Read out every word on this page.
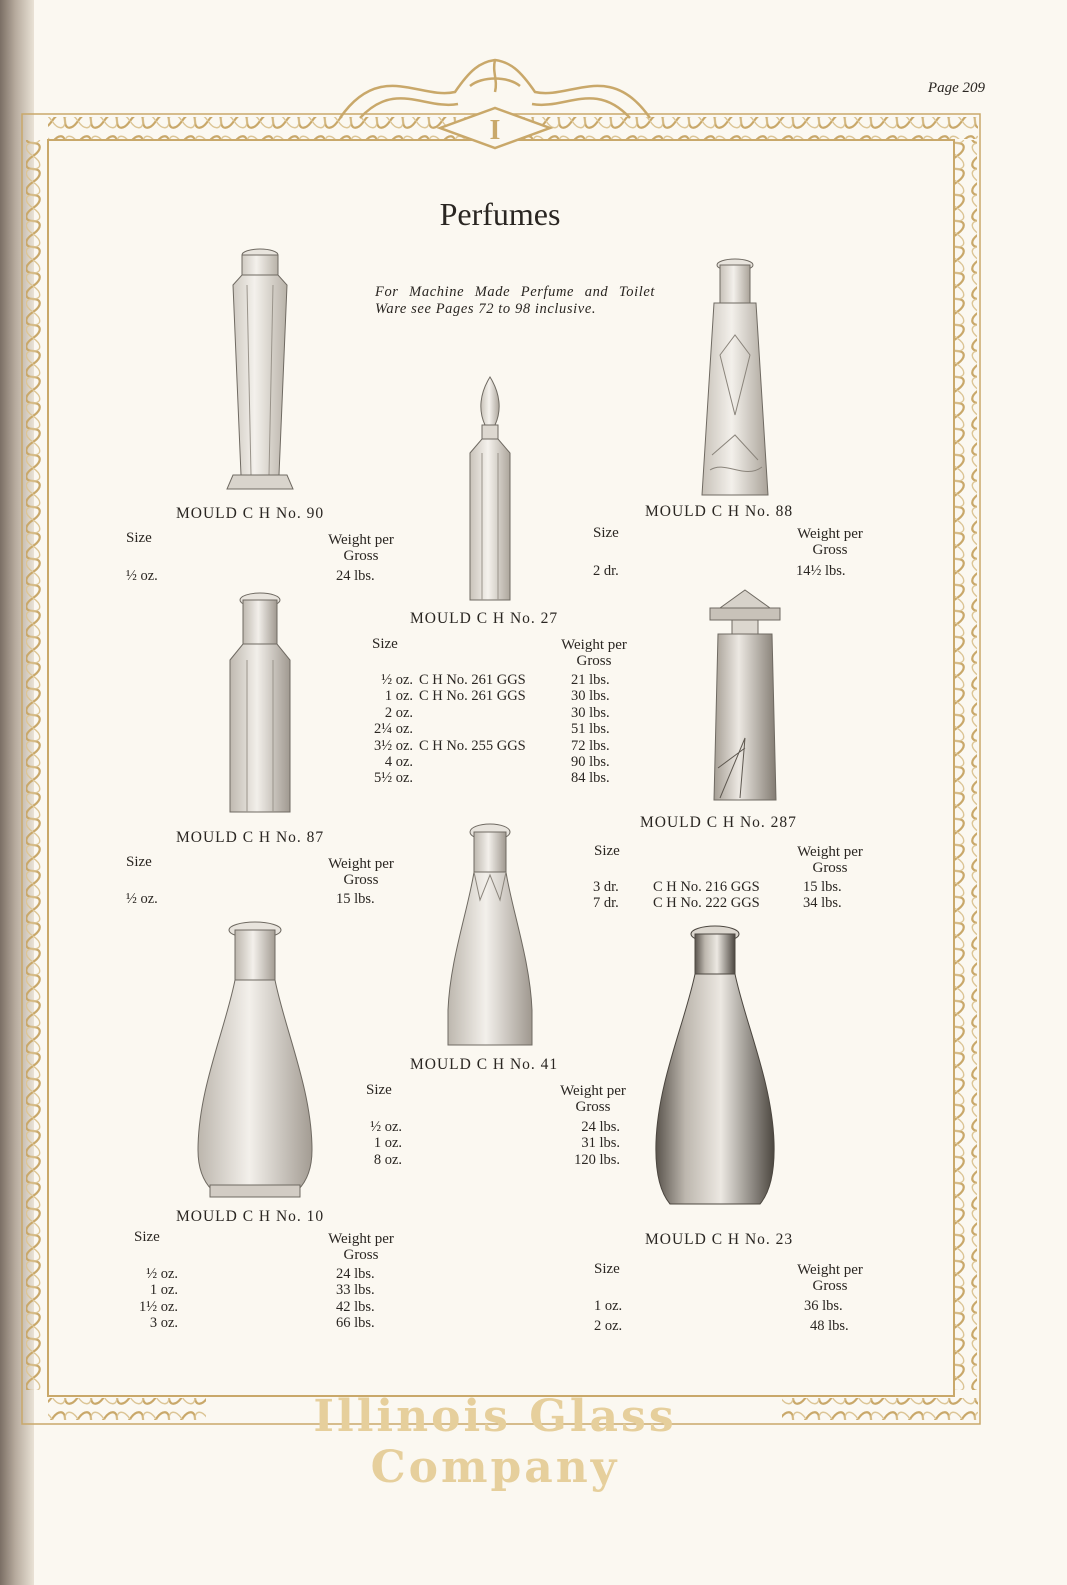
I
Page 209
Perfumes
For Machine Made Perfume and Toilet Ware see Pages 72 to 98 inclusive.
MOULD C H No. 90
Size	Weight per Gross
½ oz.	24 lbs.
MOULD C H No. 88
Size	Weight per Gross
2 dr.	14½ lbs.
MOULD C H No. 27
Size	Weight per Gross
½ oz. C H No. 261 GGS	21 lbs.
1 oz. C H No. 261 GGS	30 lbs.
2 oz.	30 lbs.
2¼ oz.	51 lbs.
3½ oz. C H No. 255 GGS	72 lbs.
4 oz.	90 lbs.
5½ oz.	84 lbs.
MOULD C H No. 87
Size	Weight per Gross
½ oz.	15 lbs.
MOULD C H No. 287
Size	Weight per Gross
3 dr. C H No. 216 GGS	15 lbs.
7 dr. C H No. 222 GGS	34 lbs.
MOULD C H No. 41
Size	Weight per Gross
½ oz.	24 lbs.
1 oz.	31 lbs.
8 oz.	120 lbs.
MOULD C H No. 10
Size	Weight per Gross
½ oz.	24 lbs.
1 oz.	33 lbs.
1½ oz.	42 lbs.
3 oz.	66 lbs.
MOULD C H No. 23
Size	Weight per Gross
1 oz.	36 lbs.
2 oz.	48 lbs.
Illinois Glass Company
